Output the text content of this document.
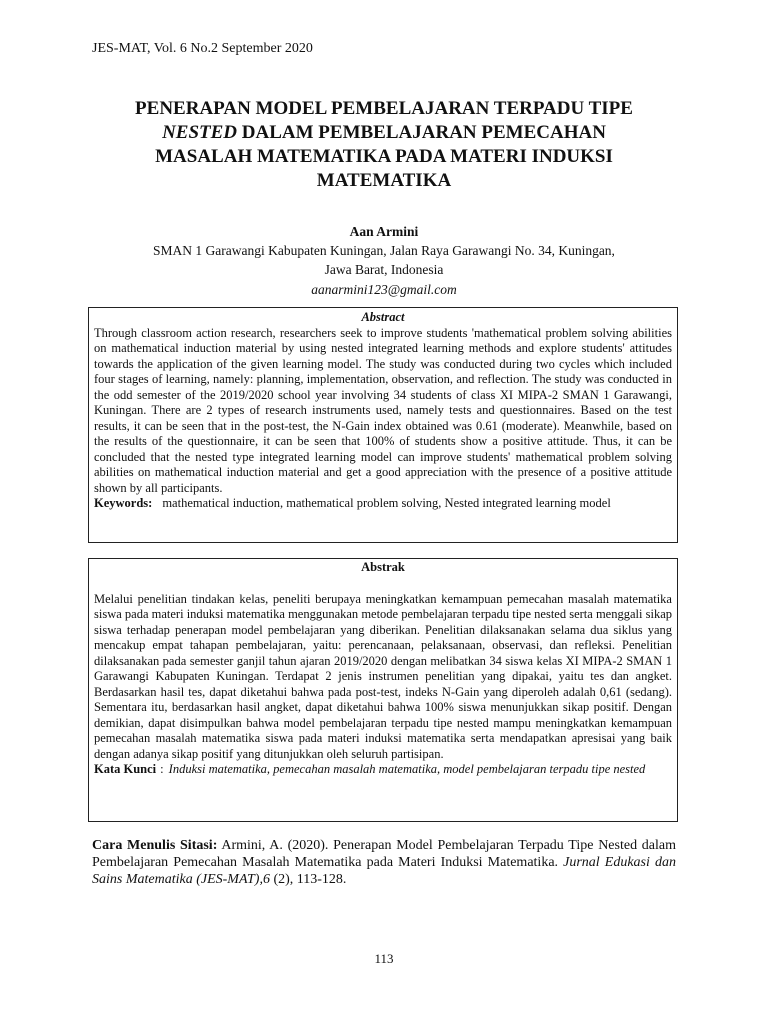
JES-MAT, Vol. 6 No.2 September 2020
PENERAPAN MODEL PEMBELAJARAN TERPADU TIPE
NESTED DALAM PEMBELAJARAN PEMECAHAN
MASALAH MATEMATIKA PADA MATERI INDUKSI
MATEMATIKA
Aan Armini
SMAN 1 Garawangi Kabupaten Kuningan, Jalan Raya Garawangi No. 34, Kuningan,
Jawa Barat, Indonesia
aanarmini123@gmail.com
Abstract
Through classroom action research, researchers seek to improve students 'mathematical problem solving abilities on mathematical induction material by using nested integrated learning methods and explore students' attitudes towards the application of the given learning model. The study was conducted during two cycles which included four stages of learning, namely: planning, implementation, observation, and reflection. The study was conducted in the odd semester of the 2019/2020 school year involving 34 students of class XI MIPA-2 SMAN 1 Garawangi, Kuningan. There are 2 types of research instruments used, namely tests and questionnaires. Based on the test results, it can be seen that in the post-test, the N-Gain index obtained was 0.61 (moderate). Meanwhile, based on the results of the questionnaire, it can be seen that 100% of students show a positive attitude. Thus, it can be concluded that the nested type integrated learning model can improve students' mathematical problem solving abilities on mathematical induction material and get a good appreciation with the presence of a positive attitude shown by all participants.
Keywords: mathematical induction, mathematical problem solving, Nested integrated learning model
Abstrak
Melalui penelitian tindakan kelas, peneliti berupaya meningkatkan kemampuan pemecahan masalah matematika siswa pada materi induksi matematika menggunakan metode pembelajaran terpadu tipe nested serta menggali sikap siswa terhadap penerapan model pembelajaran yang diberikan. Penelitian dilaksanakan selama dua siklus yang mencakup empat tahapan pembelajaran, yaitu: perencanaan, pelaksanaan, observasi, dan refleksi. Penelitian dilaksanakan pada semester ganjil tahun ajaran 2019/2020 dengan melibatkan 34 siswa kelas XI MIPA-2 SMAN 1 Garawangi Kabupaten Kuningan. Terdapat 2 jenis instrumen penelitian yang dipakai, yaitu tes dan angket. Berdasarkan hasil tes, dapat diketahui bahwa pada post-test, indeks N-Gain yang diperoleh adalah 0,61 (sedang). Sementara itu, berdasarkan hasil angket, dapat diketahui bahwa 100% siswa menunjukkan sikap positif. Dengan demikian, dapat disimpulkan bahwa model pembelajaran terpadu tipe nested mampu meningkatkan kemampuan pemecahan masalah matematika siswa pada materi induksi matematika serta mendapatkan apresisai yang baik dengan adanya sikap positif yang ditunjukkan oleh seluruh partisipan.
Kata Kunci : Induksi matematika, pemecahan masalah matematika, model pembelajaran terpadu tipe nested
Cara Menulis Sitasi: Armini, A. (2020). Penerapan Model Pembelajaran Terpadu Tipe Nested dalam Pembelajaran Pemecahan Masalah Matematika pada Materi Induksi Matematika. Jurnal Edukasi dan Sains Matematika (JES-MAT),6 (2), 113-128.
113
